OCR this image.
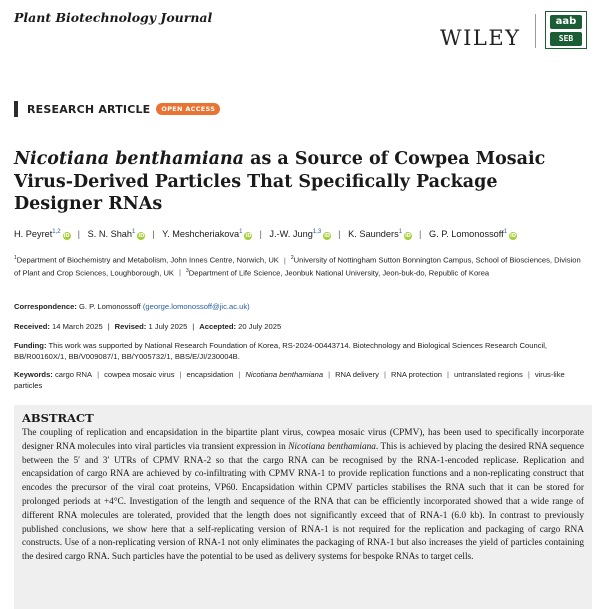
Plant Biotechnology Journal
WILEY
aab
SEB
RESEARCH ARTICLE	OPEN ACCESS
Nicotiana benthamiana as a Source of Cowpea Mosaic Virus-Derived Particles That Specifically Package Designer RNAs
H. Peyret$^{1,2}$iD | S. N. Shah$^1$iD | Y. Meshcheriakova$^1$iD | J.-W. Jung$^{1,3}$iD | K. Saunders$^1$iD | G. P. Lomonossoff$^1$iD
$^1$Department of Biochemistry and Metabolism, John Innes Centre, Norwich, UK | $^2$University of Nottingham Sutton Bonnington Campus, School of Biosciences, Division of Plant and Crop Sciences, Loughborough, UK | $^3$Department of Life Science, Jeonbuk National University, Jeon-buk-do, Republic of Korea
Correspondence: G. P. Lomonossoff (george.lomonossoff@jic.ac.uk)
Received: 14 March 2025 | Revised: 1 July 2025 | Accepted: 20 July 2025
Funding: This work was supported by National Research Foundation of Korea, RS-2024-00443714. Biotechnology and Biological Sciences Research Council, BB/R00160X/1, BB/V009087/1, BB/Y005732/1, BBS/E/JI/230004B.
Keywords: cargo RNA | cowpea mosaic virus | encapsidation | Nicotiana benthamiana | RNA delivery | RNA protection | untranslated regions | virus-like particles
ABSTRACT

The coupling of replication and encapsidation in the bipartite plant virus, cowpea mosaic virus (CPMV), has been used to specifically incorporate designer RNA molecules into viral particles via transient expression in Nicotiana benthamiana. This is achieved by placing the desired RNA sequence between the 5′ and 3′ UTRs of CPMV RNA-2 so that the cargo RNA can be recognised by the RNA-1-encoded replicase. Replication and encapsidation of cargo RNA are achieved by co-infiltrating with CPMV RNA-1 to provide replication functions and a non-replicating construct that encodes the precursor of the viral coat proteins, VP60. Encapsidation within CPMV particles stabilises the RNA such that it can be stored for prolonged periods at +4°C. Investigation of the length and sequence of the RNA that can be efficiently incorporated showed that a wide range of different RNA molecules are tolerated, provided that the length does not significantly exceed that of RNA-1 (6.0 kb). In contrast to previously published conclusions, we show here that a self-replicating version of RNA-1 is not required for the replication and packaging of cargo RNA constructs. Use of a non-replicating version of RNA-1 not only eliminates the packaging of RNA-1 but also increases the yield of particles containing the desired cargo RNA. Such particles have the potential to be used as delivery systems for bespoke RNAs to target cells.
